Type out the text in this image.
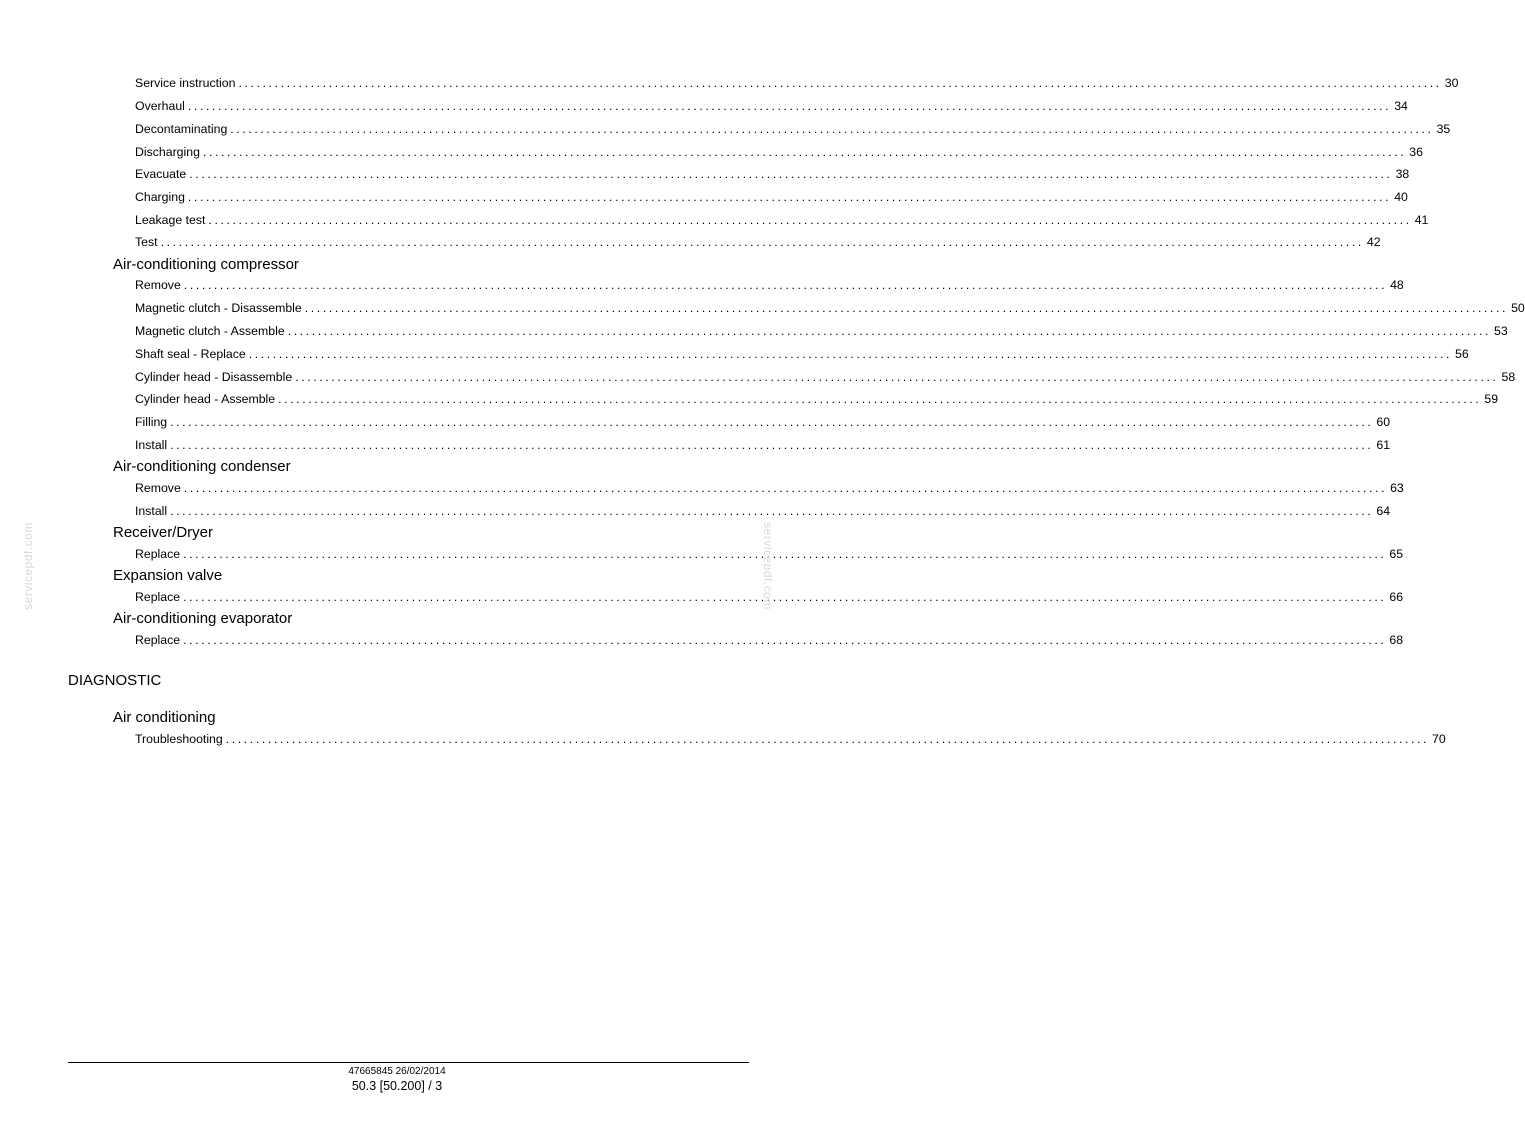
Service instruction ........................................................................................................................................................................................................ 30
Overhaul ........................................................................................................................................................................................................ 34
Decontaminating ........................................................................................................................................................................................................ 35
Discharging ........................................................................................................................................................................................................ 36
Evacuate ........................................................................................................................................................................................................ 38
Charging ........................................................................................................................................................................................................ 40
Leakage test ........................................................................................................................................................................................................ 41
Test ........................................................................................................................................................................................................ 42
Air-conditioning compressor
Remove ........................................................................................................................................................................................................ 48
Magnetic clutch - Disassemble ........................................................................................................................................................................................................ 50
Magnetic clutch - Assemble ........................................................................................................................................................................................................ 53
Shaft seal - Replace ........................................................................................................................................................................................................ 56
Cylinder head - Disassemble ........................................................................................................................................................................................................ 58
Cylinder head - Assemble ........................................................................................................................................................................................................ 59
Filling ........................................................................................................................................................................................................ 60
Install ........................................................................................................................................................................................................ 61
Air-conditioning condenser
Remove ........................................................................................................................................................................................................ 63
Install ........................................................................................................................................................................................................ 64
Receiver/Dryer
Replace ........................................................................................................................................................................................................ 65
Expansion valve
Replace ........................................................................................................................................................................................................ 66
Air-conditioning evaporator
Replace ........................................................................................................................................................................................................ 68
DIAGNOSTIC
Air conditioning
Troubleshooting ........................................................................................................................................................................................................ 70
servicepdf.com	servicepdf.com
47665845 26/02/2014
50.3 [50.200] / 3
